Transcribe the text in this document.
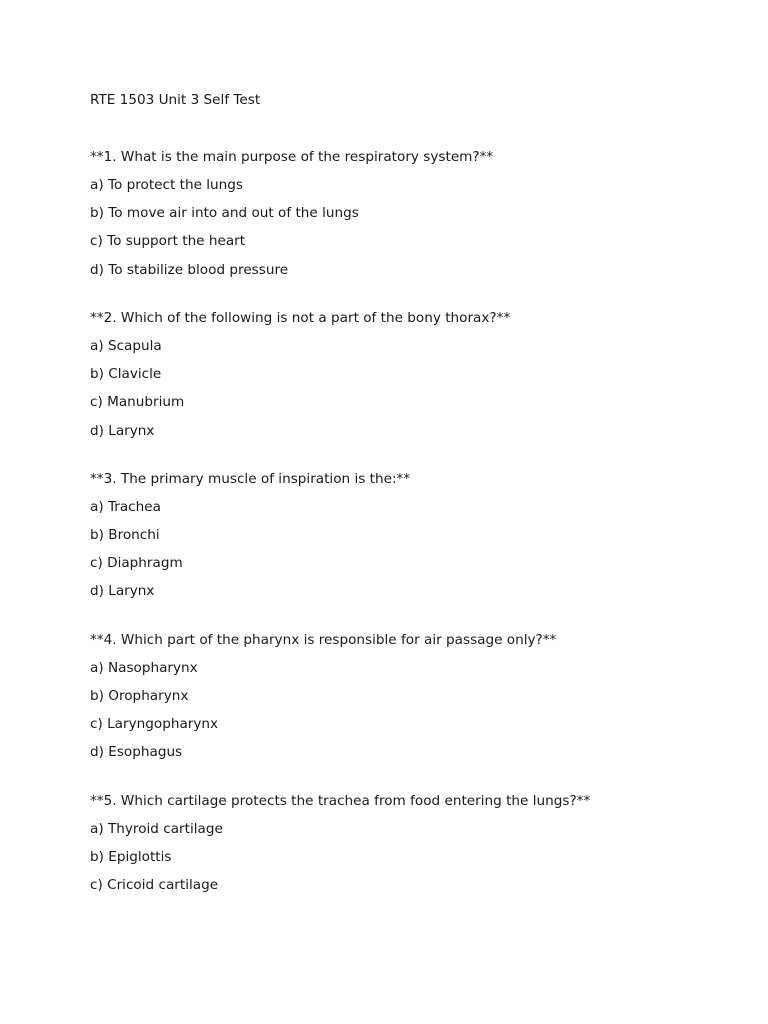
RTE 1503 Unit 3 Self Test

**1. What is the main purpose of the respiratory system?**

a) To protect the lungs

b) To move air into and out of the lungs

c) To support the heart

d) To stabilize blood pressure

**2. Which of the following is not a part of the bony thorax?**

a) Scapula

b) Clavicle

c) Manubrium

d) Larynx

**3. The primary muscle of inspiration is the:**

a) Trachea

b) Bronchi

c) Diaphragm

d) Larynx

**4. Which part of the pharynx is responsible for air passage only?**

a) Nasopharynx

b) Oropharynx

c) Laryngopharynx

d) Esophagus

**5. Which cartilage protects the trachea from food entering the lungs?**

a) Thyroid cartilage

b) Epiglottis

c) Cricoid cartilage
